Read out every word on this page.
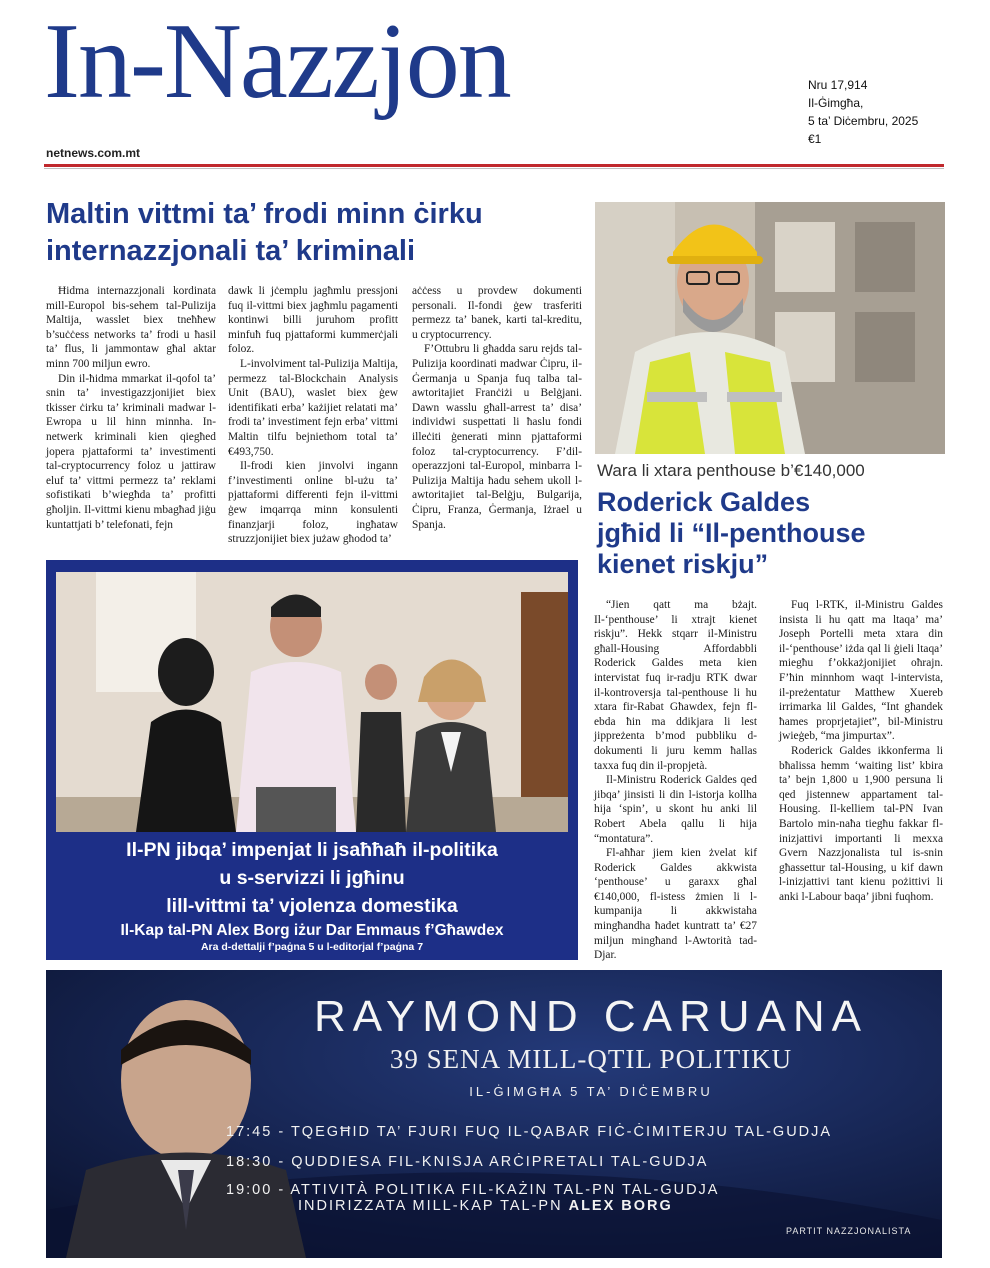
In-Nazzjon
netnews.com.mt
Nru 17,914
Il-Ġimgħa,
5 ta’ Diċembru, 2025
€1
Maltin vittmi ta’ frodi minn ċirku
internazzjonali ta’ kriminali

Ħidma internazzjonali kordinata mill-Europol bis-sehem tal-Pulizija Maltija, wasslet biex tneħħew b’suċċess networks ta’ frodi u ħasil ta’ flus, li jammontaw għal aktar minn 700 miljun ewro.

Din il-ħidma mmarkat il-qofol ta’ snin ta’ investigazzjonijiet biex tkisser ċirku ta’ kriminali madwar l-Ewropa u lil hinn minnha. In-netwerk kriminali kien qiegħed jopera pjattaformi ta’ investimenti tal-cryptocurrency foloz u jattiraw eluf ta’ vittmi permezz ta’ reklami sofistikati b’wiegħda ta’ profitti għoljin. Il-vittmi kienu mbagħad jiġu kuntattjati b’ telefonati, fejn

dawk li jċemplu jagħmlu pressjoni fuq il-vittmi biex jagħmlu pagamenti kontinwi billi juruhom profitt minfuħ fuq pjattaformi kummerċjali foloz.

L-involviment tal-Pulizija Maltija, permezz tal-Blockchain Analysis Unit (BAU), waslet biex ġew identifikati erba’ każijiet relatati ma’ frodi ta’ investiment fejn erba’ vittmi Maltin tilfu bejniethom total ta’ €493,750.

Il-frodi kien jinvolvi ingann f’investimenti online bl-użu ta’ pjattaformi differenti fejn il-vittmi ġew imqarrqa minn konsulenti finanzjarji foloz, ingħataw struzzjonijiet biex jużaw għodod ta’

aċċess u provdew dokumenti personali. Il-fondi ġew trasferiti permezz ta’ banek, karti tal-kreditu, u cryptocurrency.

F’Ottubru li għadda saru rejds tal-Pulizija koordinati madwar Ċipru, il-Ġermanja u Spanja fuq talba tal-awtoritajiet Franċiżi u Belġjani. Dawn wasslu għall-arrest ta’ disa’ individwi suspettati li ħaslu fondi illeċiti ġenerati minn pjattaformi foloz tal-cryptocurrency. F’dil-operazzjoni tal-Europol, minbarra l-Pulizija Maltija ħadu sehem ukoll l-awtoritajiet tal-Belġju, Bulgarija, Ċipru, Franza, Ġermanja, Iżrael u Spanja.

Wara li xtara penthouse b’€140,000
Roderick Galdes
jgħid li “Il-penthouse
kienet riskju”

“Jien qatt ma bżajt. Il-‘penthouse’ li xtrajt kienet riskju”. Hekk stqarr il-Ministru għall-Housing Affordabbli Roderick Galdes meta kien intervistat fuq ir-radju RTK dwar il-kontroversja tal-penthouse li hu xtara fir-Rabat Għawdex, fejn fl-ebda ħin ma ddikjara li lest jippreżenta b’mod pubbliku d-dokumenti li juru kemm ħallas taxxa fuq din il-propjetà.

Il-Ministru Roderick Galdes qed jibqa’ jinsisti li din l-istorja kollha hija ‘spin’, u skont hu anki lil Robert Abela qallu li hija “montatura”.

Fl-aħħar jiem kien żvelat kif Roderick Galdes akkwista ‘penthouse’ u garaxx għal €140,000, fl-istess żmien li l-kumpanija li akkwistaha mingħandha ħadet kuntratt ta’ €27 miljun mingħand l-Awtorità tad-Djar.

Fuq l-RTK, il-Ministru Galdes insista li hu qatt ma ltaqa’ ma’ Joseph Portelli meta xtara din il-‘penthouse’ iżda qal li ġieli ltaqa’ miegħu f’okkażjonijiet oħrajn. F’ħin minnhom waqt l-intervista, il-preżentatur Matthew Xuereb irrimarka lil Galdes, “Int għandek ħames proprjetajiet”, bil-Ministru jwieġeb, “ma jimpurtax”.

Roderick Galdes ikkonferma li bħalissa hemm ‘waiting list’ kbira ta’ bejn 1,800 u 1,900 persuna li qed jistennew appartament tal-Housing. Il-kelliem tal-PN Ivan Bartolo min-naħa tiegħu fakkar fl-inizjattivi importanti li mexxa Gvern Nazzjonalista tul is-snin għassettur tal-Housing, u kif dawn l-inizjattivi tant kienu pożittivi li anki l-Labour baqa’ jibni fuqhom.

Il-PN jibqa’ impenjat li jsaħħaħ il-politika
u s-servizzi li jgħinu
lill-vittmi ta’ vjolenza domestika
Il-Kap tal-PN Alex Borg iżur Dar Emmaus f’Għawdex
Ara d-dettalji f’paġna 5 u l-editorjal f’paġna 7
RAYMOND CARUANA
39 SENA MILL-QTIL POLITIKU
IL-ĠIMGĦA 5 TA’ DIĊEMBRU
17:45 - TQEGĦID TA’ FJURI FUQ IL-QABAR FIĊ-ĊIMITERJU TAL-GUDJA
18:30 - QUDDIESA FIL-KNISJA ARĊIPRETALI TAL-GUDJA
19:00 - ATTIVITÀ POLITIKA FIL-KAŻIN TAL-PN TAL-GUDJA
INDIRIZZATA MILL-KAP TAL-PN ALEX BORG
PARTIT NAZZJONALISTA
